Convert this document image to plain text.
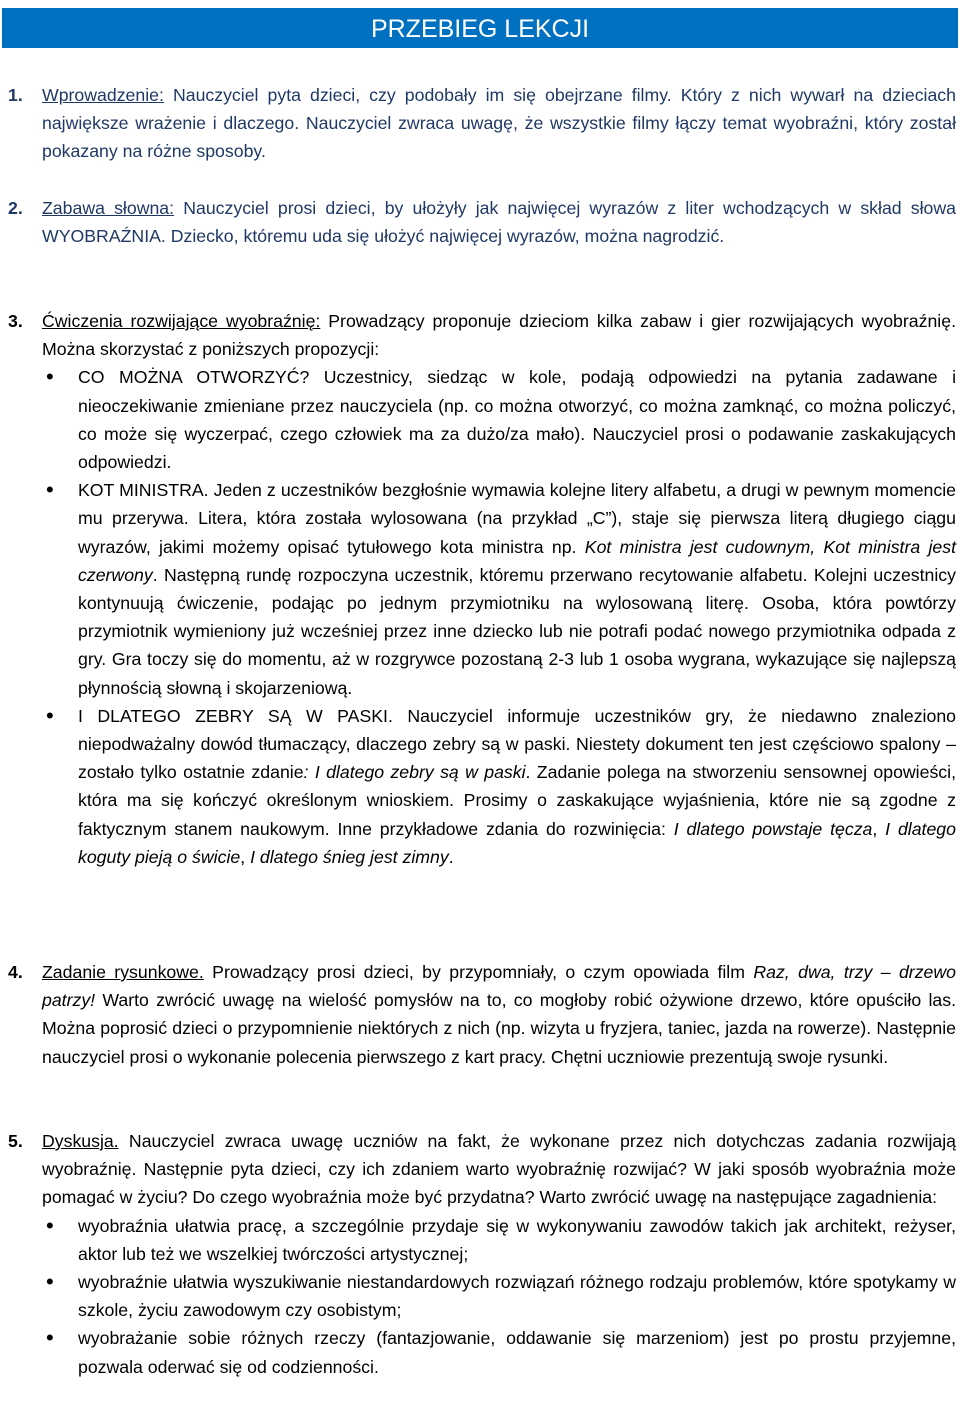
PRZEBIEG LEKCJI
1. Wprowadzenie: Nauczyciel pyta dzieci, czy podobały im się obejrzane filmy. Który z nich wywarł na dzieciach największe wrażenie i dlaczego. Nauczyciel zwraca uwagę, że wszystkie filmy łączy temat wyobraźni, który został pokazany na różne sposoby.
2. Zabawa słowna: Nauczyciel prosi dzieci, by ułożyły jak najwięcej wyrazów z liter wchodzących w skład słowa WYOBRAŹNIA. Dziecko, któremu uda się ułożyć najwięcej wyrazów, można nagrodzić.
3. Ćwiczenia rozwijające wyobraźnię: Prowadzący proponuje dzieciom kilka zabaw i gier rozwijających wyobraźnię. Można skorzystać z poniższych propozycji:
• CO MOŻNA OTWORZYĆ? Uczestnicy, siedząc w kole, podają odpowiedzi na pytania zadawane i nieoczekiwanie zmieniane przez nauczyciela (np. co można otworzyć, co można zamknąć, co można policzyć, co może się wyczerpać, czego człowiek ma za dużo/za mało). Nauczyciel prosi o podawanie zaskakujących odpowiedzi.
• KOT MINISTRA. Jeden z uczestników bezgłośnie wymawia kolejne litery alfabetu, a drugi w pewnym momencie mu przerywa. Litera, która została wylosowana (na przykład „C”), staje się pierwsza literą długiego ciągu wyrazów, jakimi możemy opisać tytułowego kota ministra np. Kot ministra jest cudownym, Kot ministra jest czerwony. Następną rundę rozpoczyna uczestnik, któremu przerwano recytowanie alfabetu. Kolejni uczestnicy kontynuują ćwiczenie, podając po jednym przymiotniku na wylosowaną literę. Osoba, która powtórzy przymiotnik wymieniony już wcześniej przez inne dziecko lub nie potrafi podać nowego przymiotnika odpada z gry. Gra toczy się do momentu, aż w rozgrywce pozostaną 2-3 lub 1 osoba wygrana, wykazujące się najlepszą płynnością słowną i skojarzeniową.
• I DLATEGO ZEBRY SĄ W PASKI. Nauczyciel informuje uczestników gry, że niedawno znaleziono niepodważalny dowód tłumaczący, dlaczego zebry są w paski. Niestety dokument ten jest częściowo spalony – zostało tylko ostatnie zdanie: I dlatego zebry są w paski. Zadanie polega na stworzeniu sensownej opowieści, która ma się kończyć określonym wnioskiem. Prosimy o zaskakujące wyjaśnienia, które nie są zgodne z faktycznym stanem naukowym. Inne przykładowe zdania do rozwinięcia: I dlatego powstaje tęcza, I dlatego koguty pieją o świcie, I dlatego śnieg jest zimny.
4. Zadanie rysunkowe. Prowadzący prosi dzieci, by przypomniały, o czym opowiada film Raz, dwa, trzy – drzewo patrzy! Warto zwrócić uwagę na wielość pomysłów na to, co mogłoby robić ożywione drzewo, które opuściło las. Można poprosić dzieci o przypomnienie niektórych z nich (np. wizyta u fryzjera, taniec, jazda na rowerze). Następnie nauczyciel prosi o wykonanie polecenia pierwszego z kart pracy. Chętni uczniowie prezentują swoje rysunki.
5. Dyskusja. Nauczyciel zwraca uwagę uczniów na fakt, że wykonane przez nich dotychczas zadania rozwijają wyobraźnię. Następnie pyta dzieci, czy ich zdaniem warto wyobraźnię rozwijać? W jaki sposób wyobraźnia może pomagać w życiu? Do czego wyobraźnia może być przydatna? Warto zwrócić uwagę na następujące zagadnienia:
• wyobraźnia ułatwia pracę, a szczególnie przydaje się w wykonywaniu zawodów takich jak architekt, reżyser, aktor lub też we wszelkiej twórczości artystycznej;
• wyobraźnie ułatwia wyszukiwanie niestandardowych rozwiązań różnego rodzaju problemów, które spotykamy w szkole, życiu zawodowym czy osobistym;
• wyobrażanie sobie różnych rzeczy (fantazjowanie, oddawanie się marzeniom) jest po prostu przyjemne, pozwala oderwać się od codzienności.
